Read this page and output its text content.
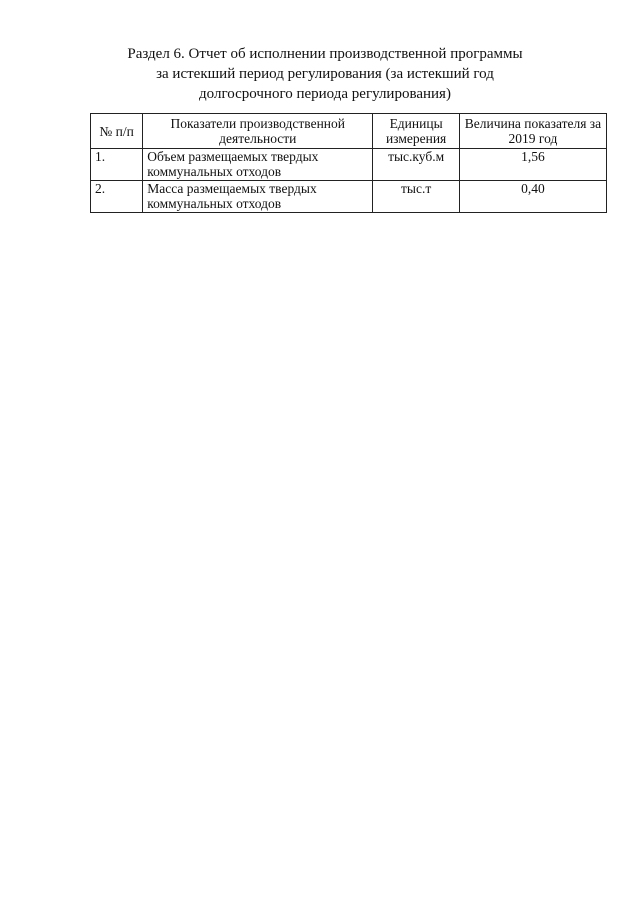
Раздел 6. Отчет об исполнении производственной программы
за истекший период регулирования (за истекший год
долгосрочного периода регулирования)
№ п/п	Показатели производственной деятельности	Единицы измерения	Величина показателя за 2019 год
1.	Объем размещаемых твердых коммунальных отходов	тыс.куб.м	1,56
2.	Масса размещаемых твердых коммунальных отходов	тыс.т	0,40
